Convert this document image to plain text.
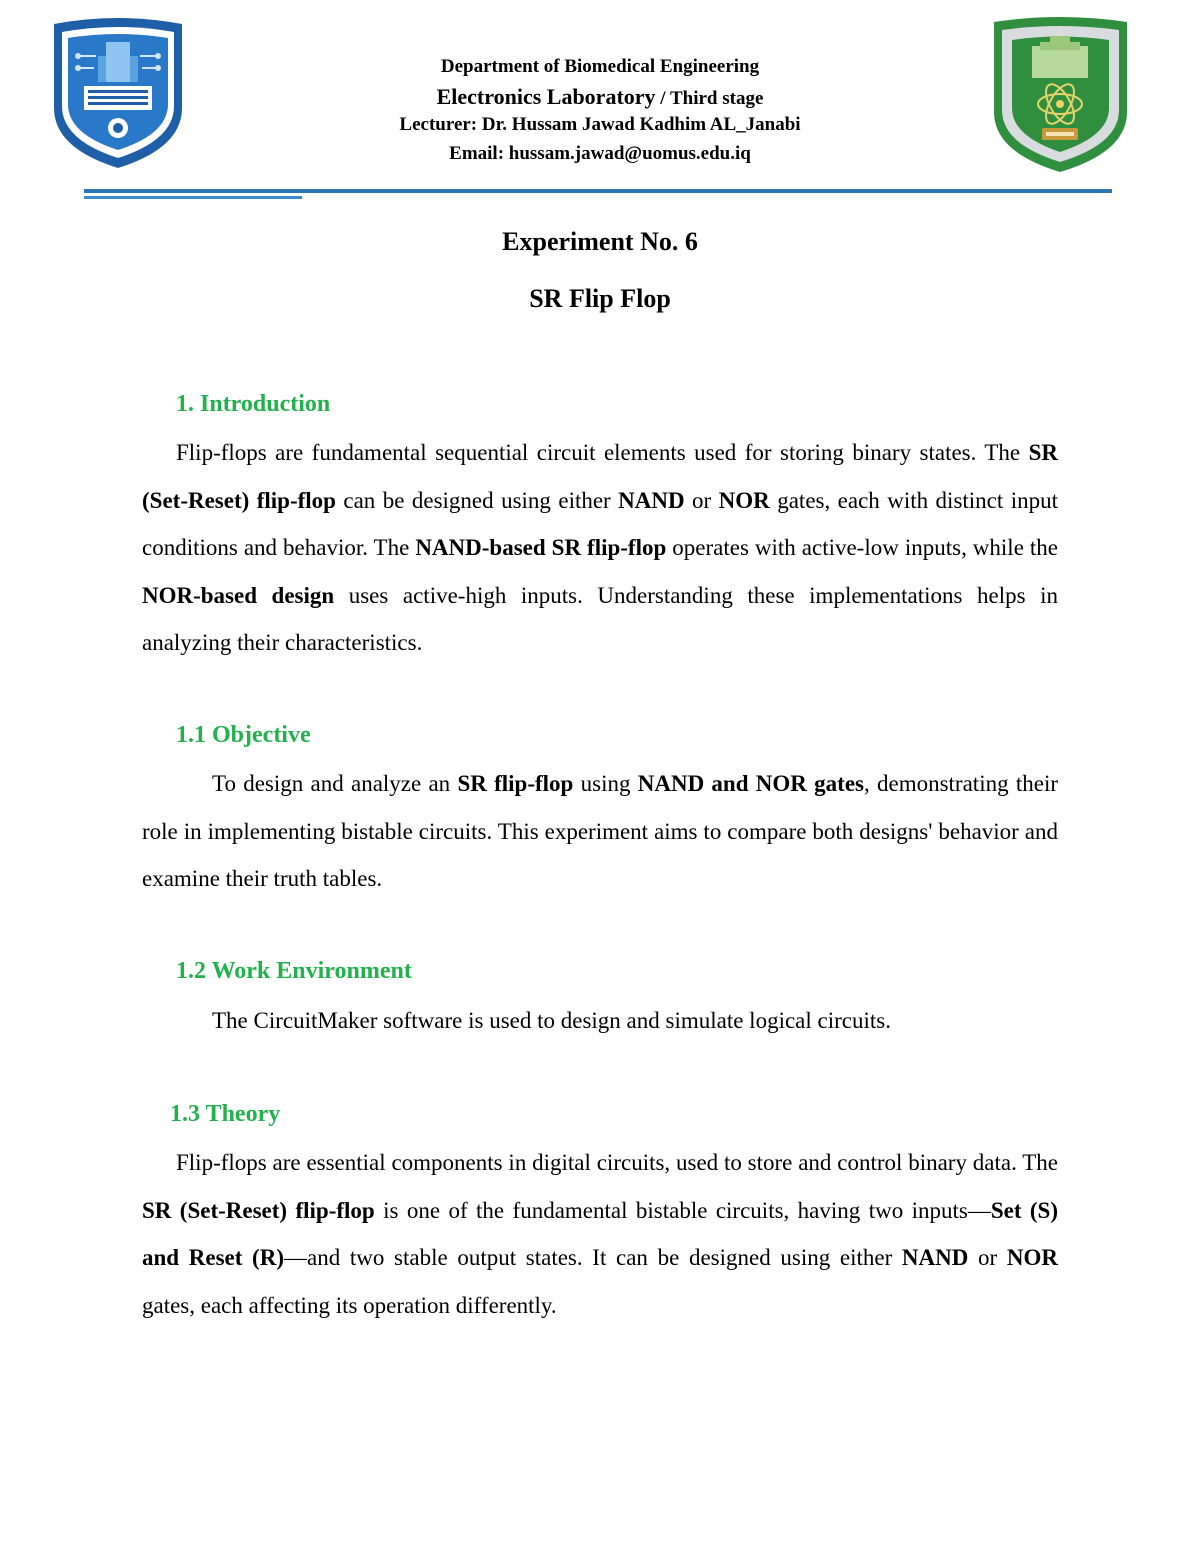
Department of Biomedical Engineering
Electronics Laboratory / Third stage
Lecturer: Dr. Hussam Jawad Kadhim AL_Janabi
Email: hussam.jawad@uomus.edu.iq
Experiment No. 6
SR Flip Flop
1. Introduction
Flip-flops are fundamental sequential circuit elements used for storing binary states. The SR (Set-Reset) flip-flop can be designed using either NAND or NOR gates, each with distinct input conditions and behavior. The NAND-based SR flip-flop operates with active-low inputs, while the NOR-based design uses active-high inputs. Understanding these implementations helps in analyzing their characteristics.
1.1 Objective
To design and analyze an SR flip-flop using NAND and NOR gates, demonstrating their role in implementing bistable circuits. This experiment aims to compare both designs' behavior and examine their truth tables.
1.2 Work Environment
The CircuitMaker software is used to design and simulate logical circuits.
1.3 Theory
Flip-flops are essential components in digital circuits, used to store and control binary data. The SR (Set-Reset) flip-flop is one of the fundamental bistable circuits, having two inputs—Set (S) and Reset (R)—and two stable output states. It can be designed using either NAND or NOR gates, each affecting its operation differently.
